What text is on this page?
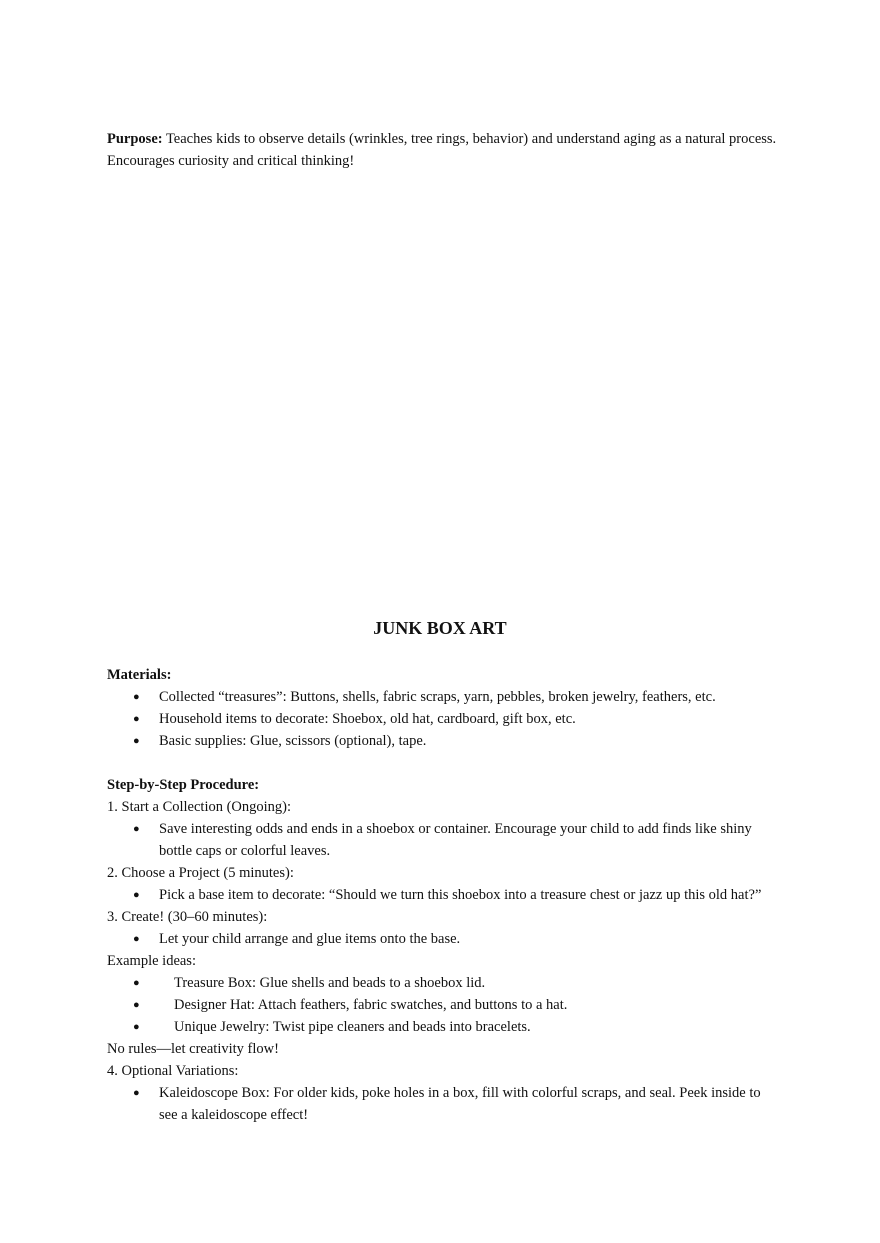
Purpose: Teaches kids to observe details (wrinkles, tree rings, behavior) and understand aging as a natural process. Encourages curiosity and critical thinking!

JUNK BOX ART

Materials:

● Collected “treasures”: Buttons, shells, fabric scraps, yarn, pebbles, broken jewelry, feathers, etc.
● Household items to decorate: Shoebox, old hat, cardboard, gift box, etc.
● Basic supplies: Glue, scissors (optional), tape.

Step-by-Step Procedure:

1. Start a Collection (Ongoing):

● Save interesting odds and ends in a shoebox or container. Encourage your child to add finds like shiny bottle caps or colorful leaves.

2. Choose a Project (5 minutes):

● Pick a base item to decorate: “Should we turn this shoebox into a treasure chest or jazz up this old hat?”

3. Create! (30–60 minutes):

● Let your child arrange and glue items onto the base.

Example ideas:

● Treasure Box: Glue shells and beads to a shoebox lid.
● Designer Hat: Attach feathers, fabric swatches, and buttons to a hat.
● Unique Jewelry: Twist pipe cleaners and beads into bracelets.

No rules—let creativity flow!

4. Optional Variations:

● Kaleidoscope Box: For older kids, poke holes in a box, fill with colorful scraps, and seal. Peek inside to see a kaleidoscope effect!
